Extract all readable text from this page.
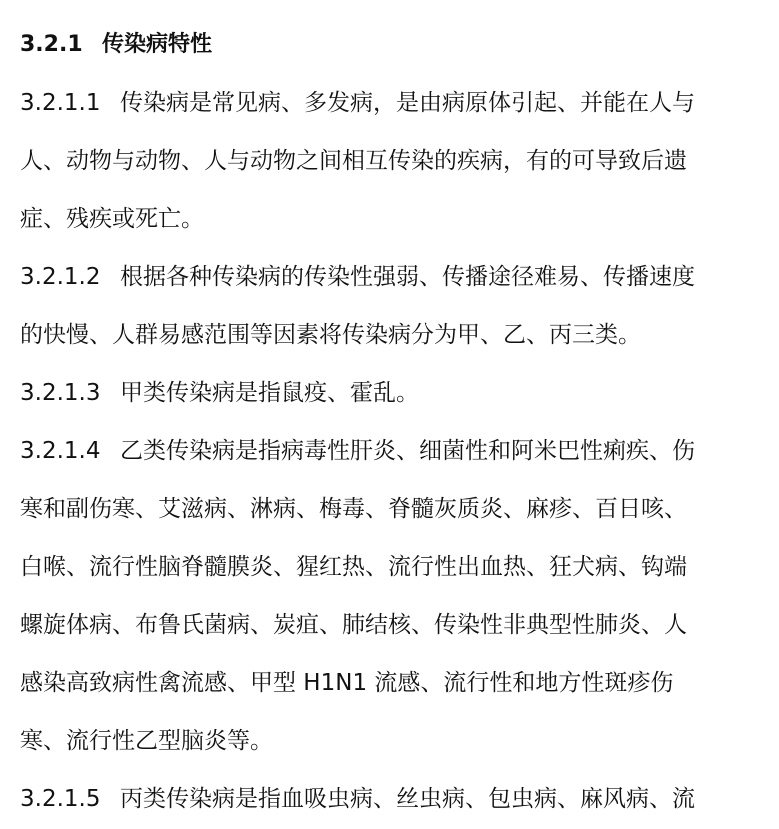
3.2.1 传染病特性
3.2.1.1 传染病是常见病、多发病，是由病原体引起、并能在人与
人、动物与动物、人与动物之间相互传染的疾病，有的可导致后遗
症、残疾或死亡。
3.2.1.2 根据各种传染病的传染性强弱、传播途径难易、传播速度
的快慢、人群易感范围等因素将传染病分为甲、乙、丙三类。
3.2.1.3 甲类传染病是指鼠疫、霍乱。
3.2.1.4 乙类传染病是指病毒性肝炎、细菌性和阿米巴性痢疾、伤
寒和副伤寒、艾滋病、淋病、梅毒、脊髓灰质炎、麻疹、百日咳、
白喉、流行性脑脊髓膜炎、猩红热、流行性出血热、狂犬病、钩端
螺旋体病、布鲁氏菌病、炭疽、肺结核、传染性非典型性肺炎、人
感染高致病性禽流感、甲型 H1N1 流感、流行性和地方性斑疹伤
寒、流行性乙型脑炎等。
3.2.1.5 丙类传染病是指血吸虫病、丝虫病、包虫病、麻风病、流
